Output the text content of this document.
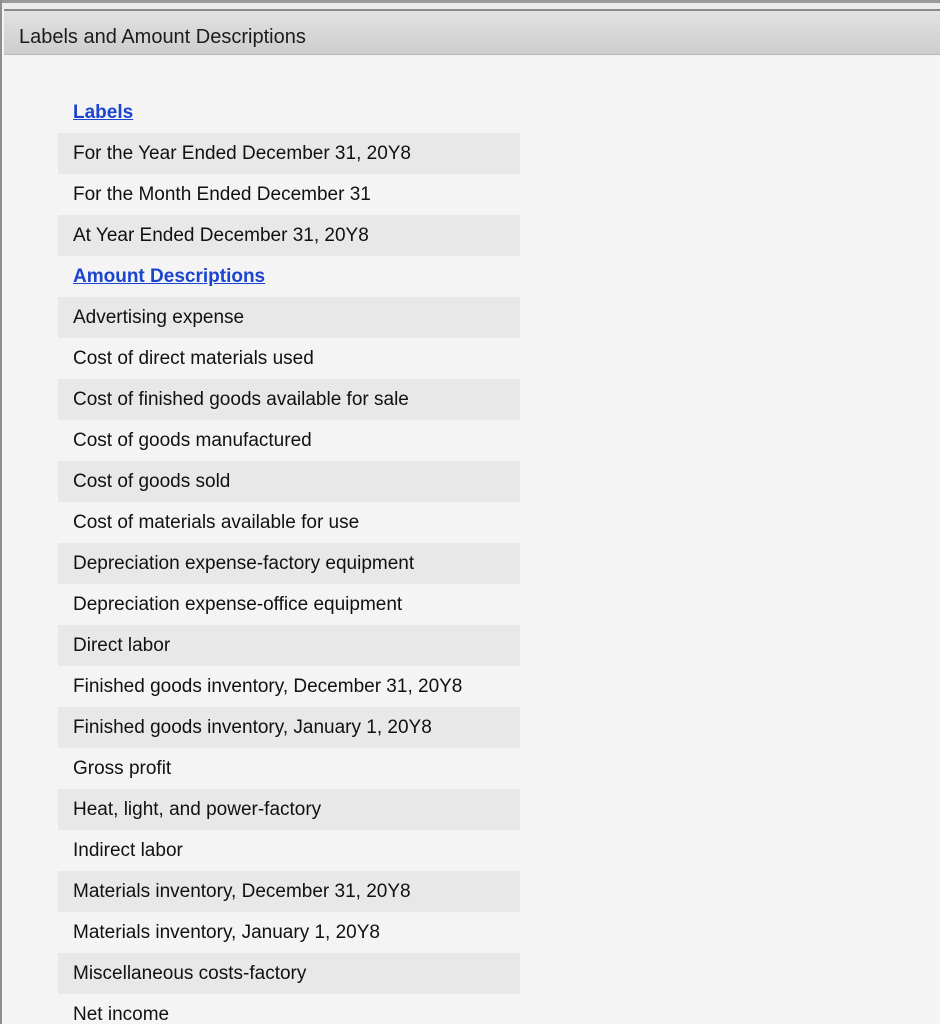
Labels and Amount Descriptions
Labels
For the Year Ended December 31, 20Y8
For the Month Ended December 31
At Year Ended December 31, 20Y8
Amount Descriptions
Advertising expense
Cost of direct materials used
Cost of finished goods available for sale
Cost of goods manufactured
Cost of goods sold
Cost of materials available for use
Depreciation expense-factory equipment
Depreciation expense-office equipment
Direct labor
Finished goods inventory, December 31, 20Y8
Finished goods inventory, January 1, 20Y8
Gross profit
Heat, light, and power-factory
Indirect labor
Materials inventory, December 31, 20Y8
Materials inventory, January 1, 20Y8
Miscellaneous costs-factory
Net income
